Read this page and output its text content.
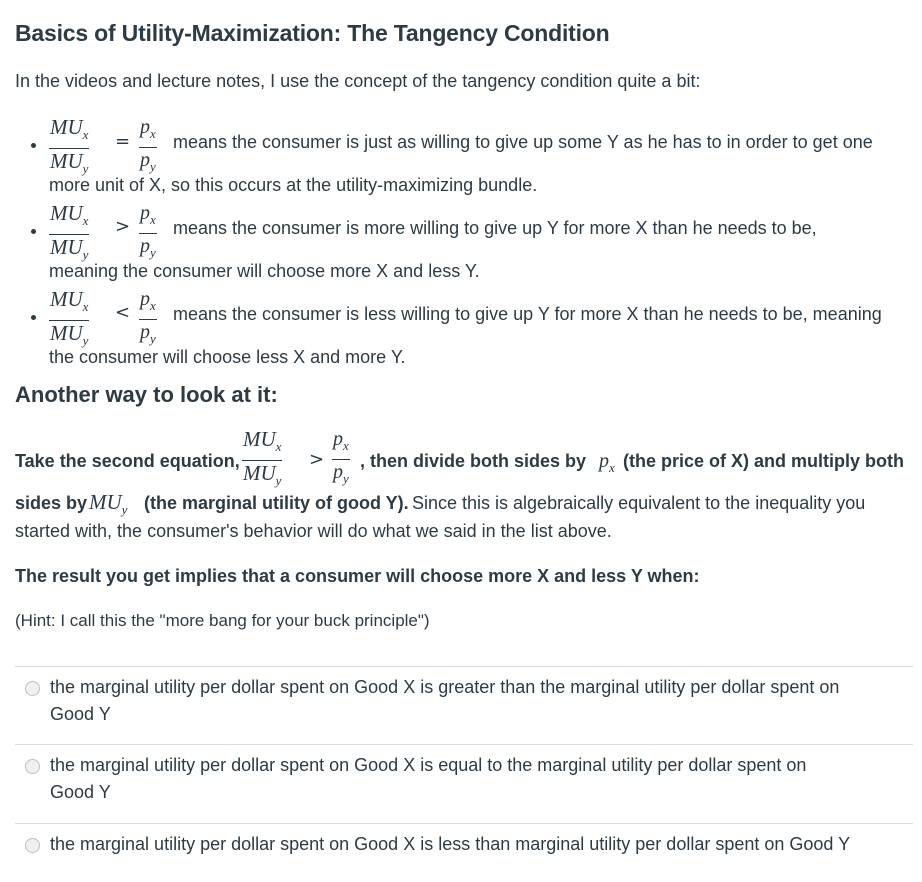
Basics of Utility-Maximization: The Tangency Condition

In the videos and lecture notes, I use the concept of the tangency condition quite a bit:

$MU_x$
$MU_y$
=
$p_x$
$p_y$
means the consumer is just as willing to give up some Y as he has to in order to get one
more unit of X, so this occurs at the utility-maximizing bundle.
$MU_x$
$MU_y$
>
$p_x$
$p_y$
means the consumer is more willing to give up Y for more X than he needs to be,
meaning the consumer will choose more X and less Y.
$MU_x$
$MU_y$
<
$p_x$
$p_y$
means the consumer is less willing to give up Y for more X than he needs to be, meaning
the consumer will choose less X and more Y.
Another way to look at it:
Take the second equation,
$MU_x$
$MU_y$
>
$p_x$
$p_y$
, then divide both sides by $p_x$ (the price of X) and multiply both
sides by $MU_y$ (the marginal utility of good Y). Since this is algebraically equivalent to the inequality you
started with, the consumer's behavior will do what we said in the list above.
The result you get implies that a consumer will choose more X and less Y when:
(Hint: I call this the "more bang for your buck principle")
the marginal utility per dollar spent on Good X is greater than the marginal utility per dollar spent on
Good Y
the marginal utility per dollar spent on Good X is equal to the marginal utility per dollar spent on
Good Y
the marginal utility per dollar spent on Good X is less than marginal utility per dollar spent on Good Y
